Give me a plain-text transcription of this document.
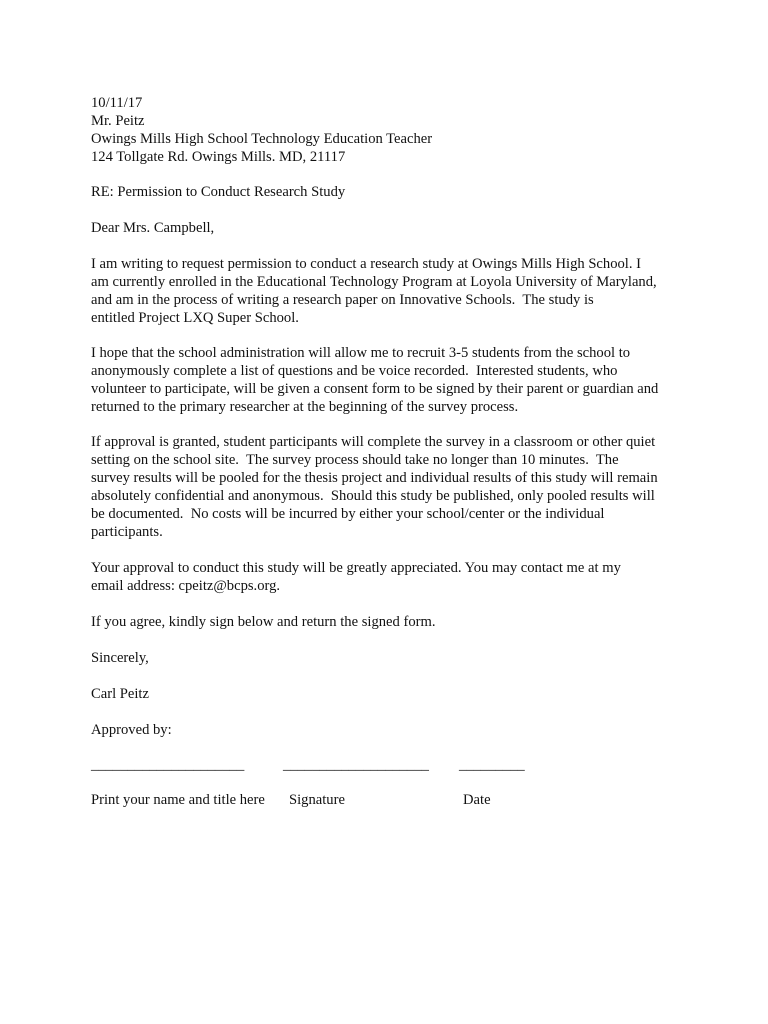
10/11/17
Mr. Peitz
Owings Mills High School Technology Education Teacher
124 Tollgate Rd. Owings Mills. MD, 21117
RE: Permission to Conduct Research Study
Dear Mrs. Campbell,
I am writing to request permission to conduct a research study at Owings Mills High School. I
am currently enrolled in the Educational Technology Program at Loyola University of Maryland,
and am in the process of writing a research paper on Innovative Schools.  The study is
entitled Project LXQ Super School.
I hope that the school administration will allow me to recruit 3-5 students from the school to
anonymously complete a list of questions and be voice recorded.  Interested students, who
volunteer to participate, will be given a consent form to be signed by their parent or guardian and
returned to the primary researcher at the beginning of the survey process.
If approval is granted, student participants will complete the survey in a classroom or other quiet
setting on the school site.  The survey process should take no longer than 10 minutes.  The
survey results will be pooled for the thesis project and individual results of this study will remain
absolutely confidential and anonymous.  Should this study be published, only pooled results will
be documented.  No costs will be incurred by either your school/center or the individual
participants.
Your approval to conduct this study will be greatly appreciated. You may contact me at my
email address: cpeitz@bcps.org.
If you agree, kindly sign below and return the signed form.
Sincerely,
Carl Peitz
Approved by:
_____________________	____________________ _________
Print your name and title here Signature	Date
